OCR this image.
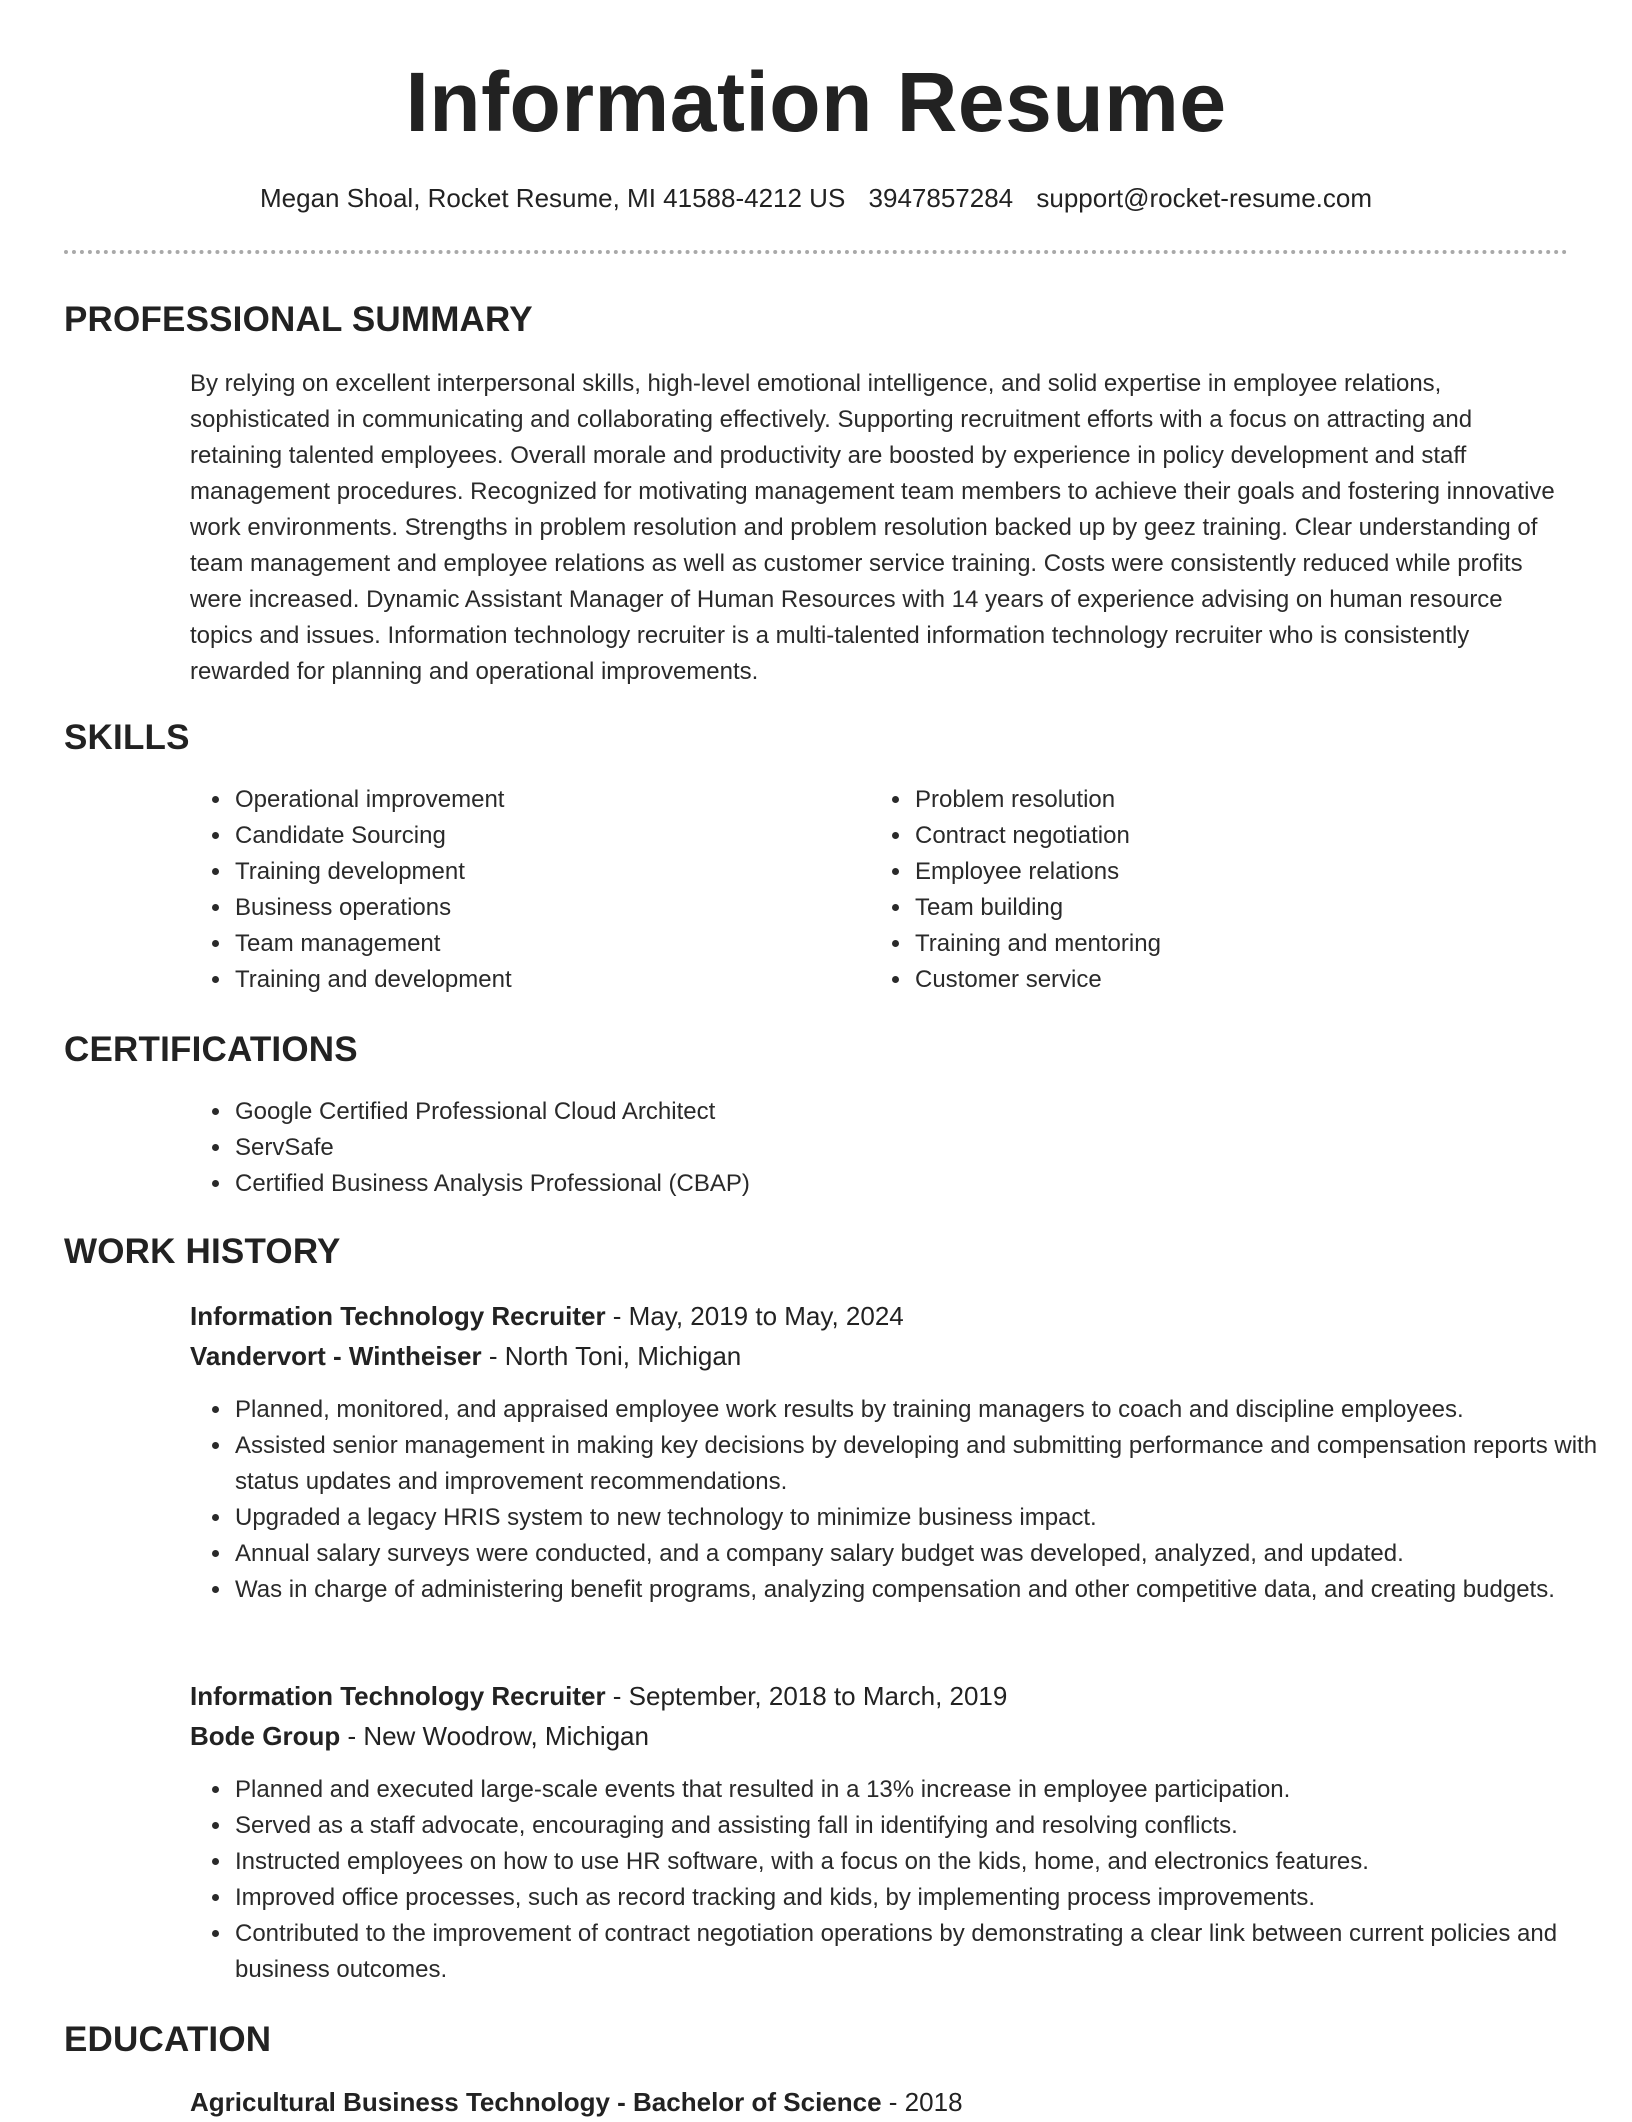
Information Resume
Megan Shoal, Rocket Resume, MI 41588-4212 US 3947857284 support@rocket-resume.com
PROFESSIONAL SUMMARY
By relying on excellent interpersonal skills, high-level emotional intelligence, and solid expertise in employee relations, sophisticated in communicating and collaborating effectively. Supporting recruitment efforts with a focus on attracting and retaining talented employees. Overall morale and productivity are boosted by experience in policy development and staff management procedures. Recognized for motivating management team members to achieve their goals and fostering innovative work environments. Strengths in problem resolution and problem resolution backed up by geez training. Clear understanding of team management and employee relations as well as customer service training. Costs were consistently reduced while profits were increased. Dynamic Assistant Manager of Human Resources with 14 years of experience advising on human resource topics and issues. Information technology recruiter is a multi-talented information technology recruiter who is consistently rewarded for planning and operational improvements.
SKILLS
• Operational improvement
• Candidate Sourcing
• Training development
• Business operations
• Team management
• Training and development
• Problem resolution
• Contract negotiation
• Employee relations
• Team building
• Training and mentoring
• Customer service
CERTIFICATIONS
• Google Certified Professional Cloud Architect
• ServSafe
• Certified Business Analysis Professional (CBAP)
WORK HISTORY
Information Technology Recruiter - May, 2019 to May, 2024
Vandervort - Wintheiser - North Toni, Michigan
• Planned, monitored, and appraised employee work results by training managers to coach and discipline employees.
• Assisted senior management in making key decisions by developing and submitting performance and compensation reports with status updates and improvement recommendations.
• Upgraded a legacy HRIS system to new technology to minimize business impact.
• Annual salary surveys were conducted, and a company salary budget was developed, analyzed, and updated.
• Was in charge of administering benefit programs, analyzing compensation and other competitive data, and creating budgets.
Information Technology Recruiter - September, 2018 to March, 2019
Bode Group - New Woodrow, Michigan
• Planned and executed large-scale events that resulted in a 13% increase in employee participation.
• Served as a staff advocate, encouraging and assisting fall in identifying and resolving conflicts.
• Instructed employees on how to use HR software, with a focus on the kids, home, and electronics features.
• Improved office processes, such as record tracking and kids, by implementing process improvements.
• Contributed to the improvement of contract negotiation operations by demonstrating a clear link between current policies and business outcomes.
EDUCATION
Agricultural Business Technology - Bachelor of Science - 2018
